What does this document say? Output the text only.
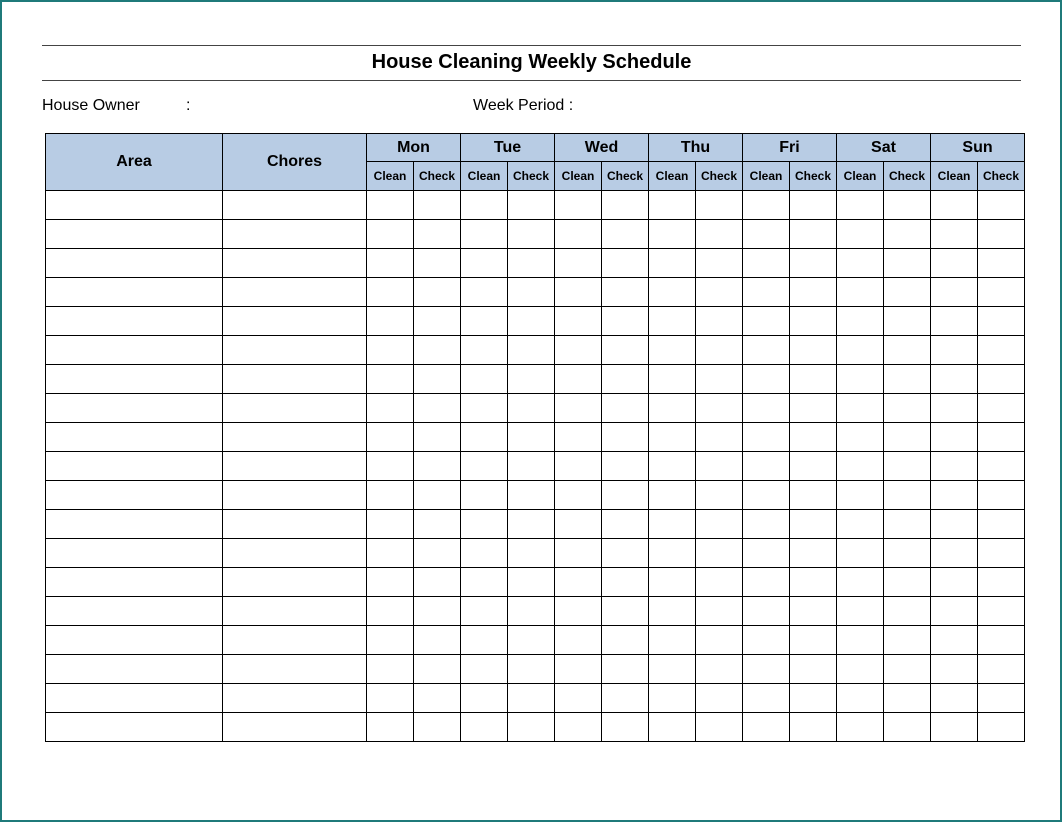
House Cleaning Weekly Schedule
House Owner	:	Week Period :
Area	Chores	Mon		Tue		Wed		Thu		Fri		Sat		Sun	
		Clean	Check	Clean	Check	Clean	Check	Clean	Check	Clean	Check	Clean	Check	Clean	Check
